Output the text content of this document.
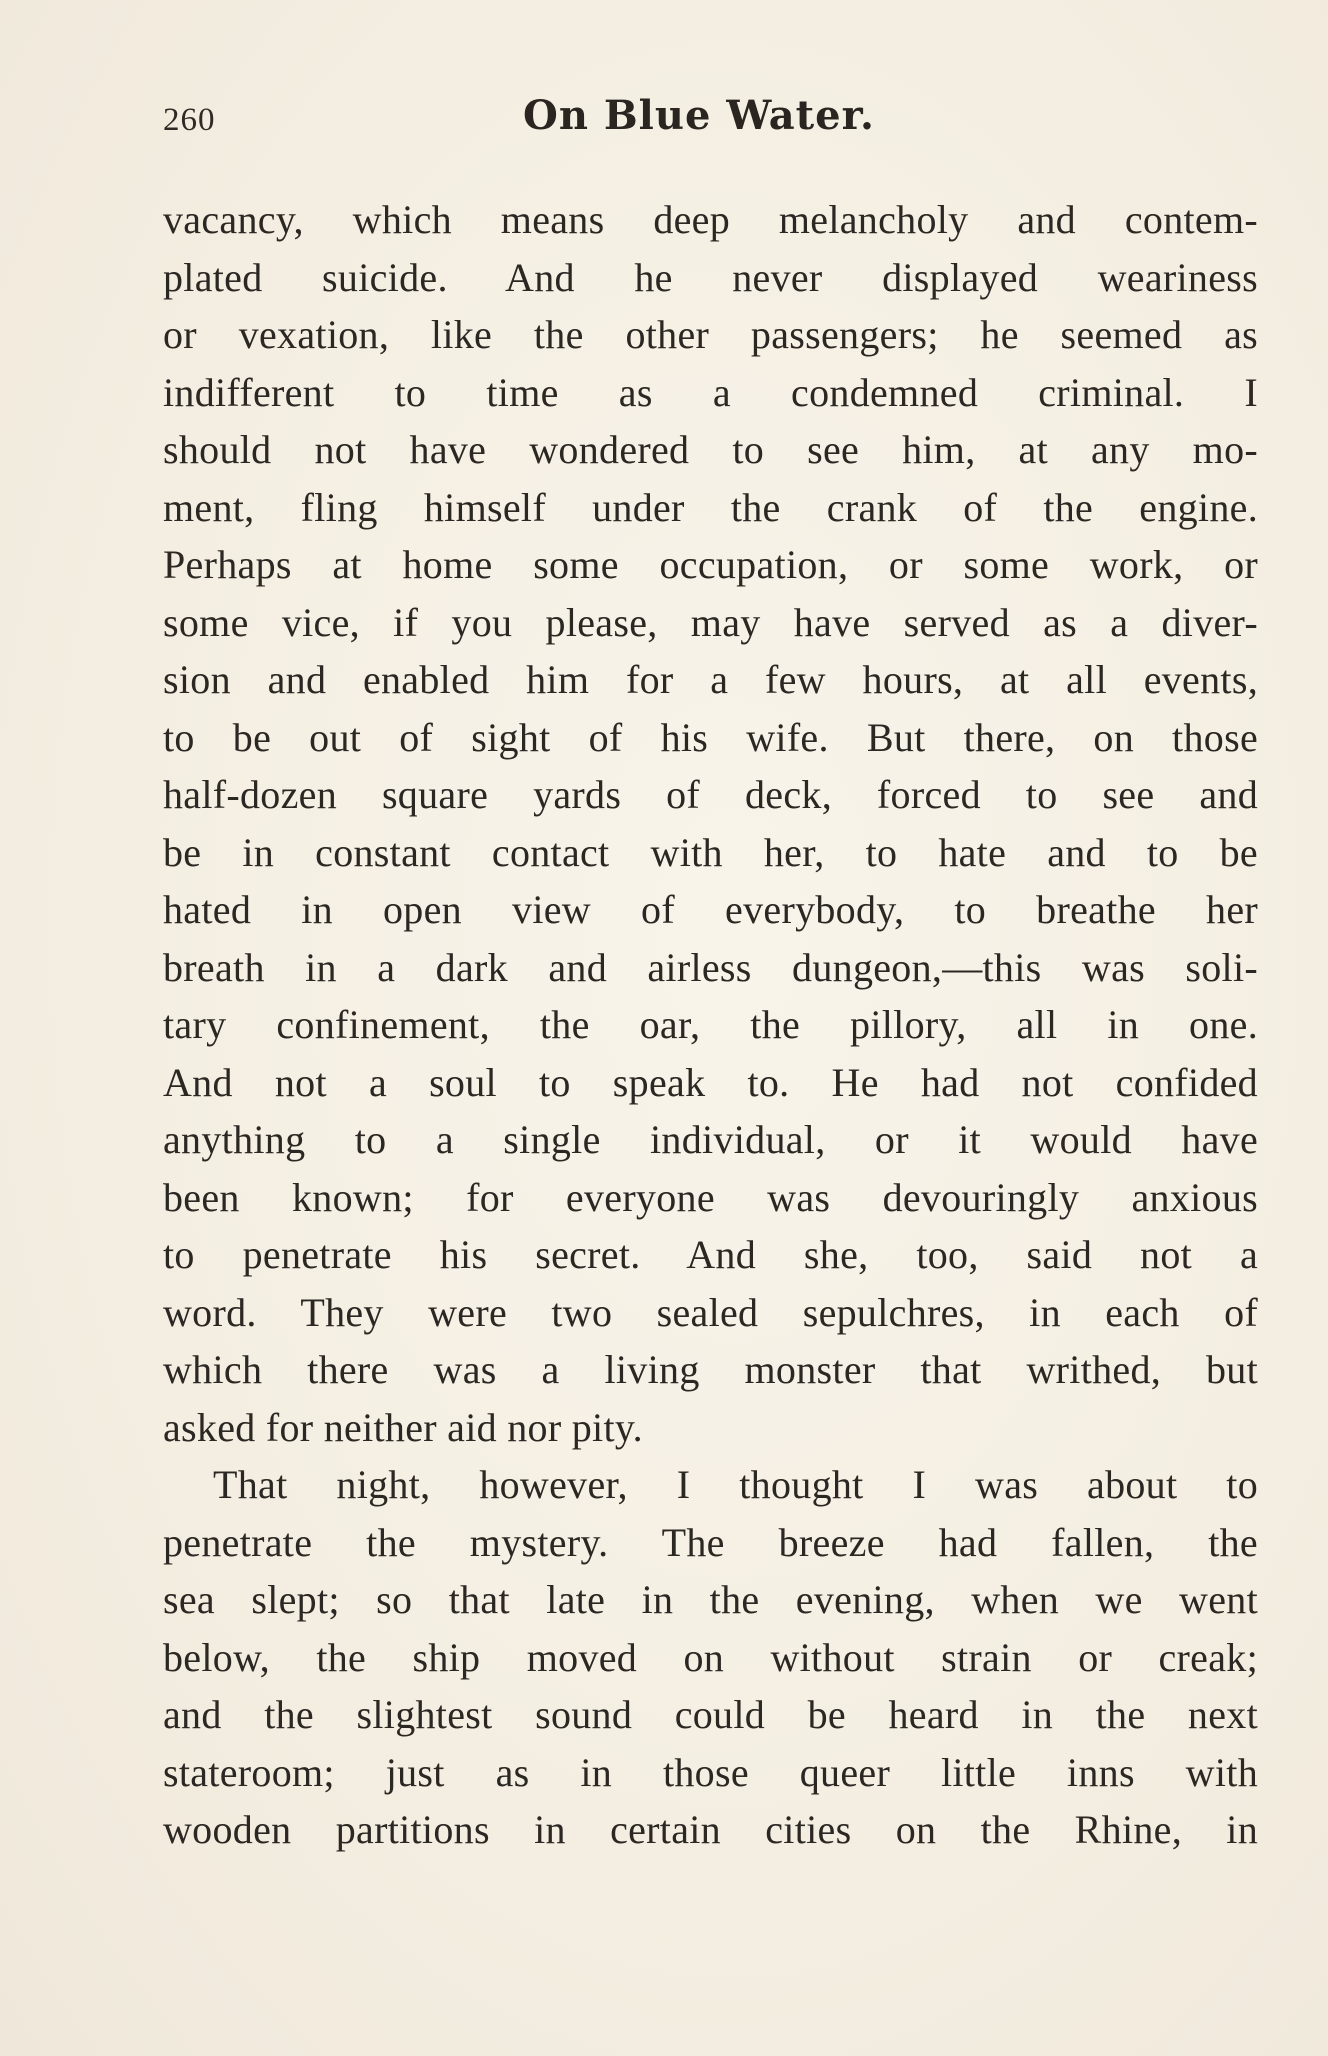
260	On Blue Water.
vacancy, which means deep melancholy and contem-
plated suicide. And he never displayed weariness
or vexation, like the other passengers; he seemed as
indifferent to time as a condemned criminal. I
should not have wondered to see him, at any mo-
ment, fling himself under the crank of the engine.
Perhaps at home some occupation, or some work, or
some vice, if you please, may have served as a diver-
sion and enabled him for a few hours, at all events,
to be out of sight of his wife. But there, on those
half-dozen square yards of deck, forced to see and
be in constant contact with her, to hate and to be
hated in open view of everybody, to breathe her
breath in a dark and airless dungeon,—this was soli-
tary confinement, the oar, the pillory, all in one.
And not a soul to speak to. He had not confided
anything to a single individual, or it would have
been known; for everyone was devouringly anxious
to penetrate his secret. And she, too, said not a
word. They were two sealed sepulchres, in each of
which there was a living monster that writhed, but
asked for neither aid nor pity.
That night, however, I thought I was about to
penetrate the mystery. The breeze had fallen, the
sea slept; so that late in the evening, when we went
below, the ship moved on without strain or creak;
and the slightest sound could be heard in the next
stateroom; just as in those queer little inns with
wooden partitions in certain cities on the Rhine, in
